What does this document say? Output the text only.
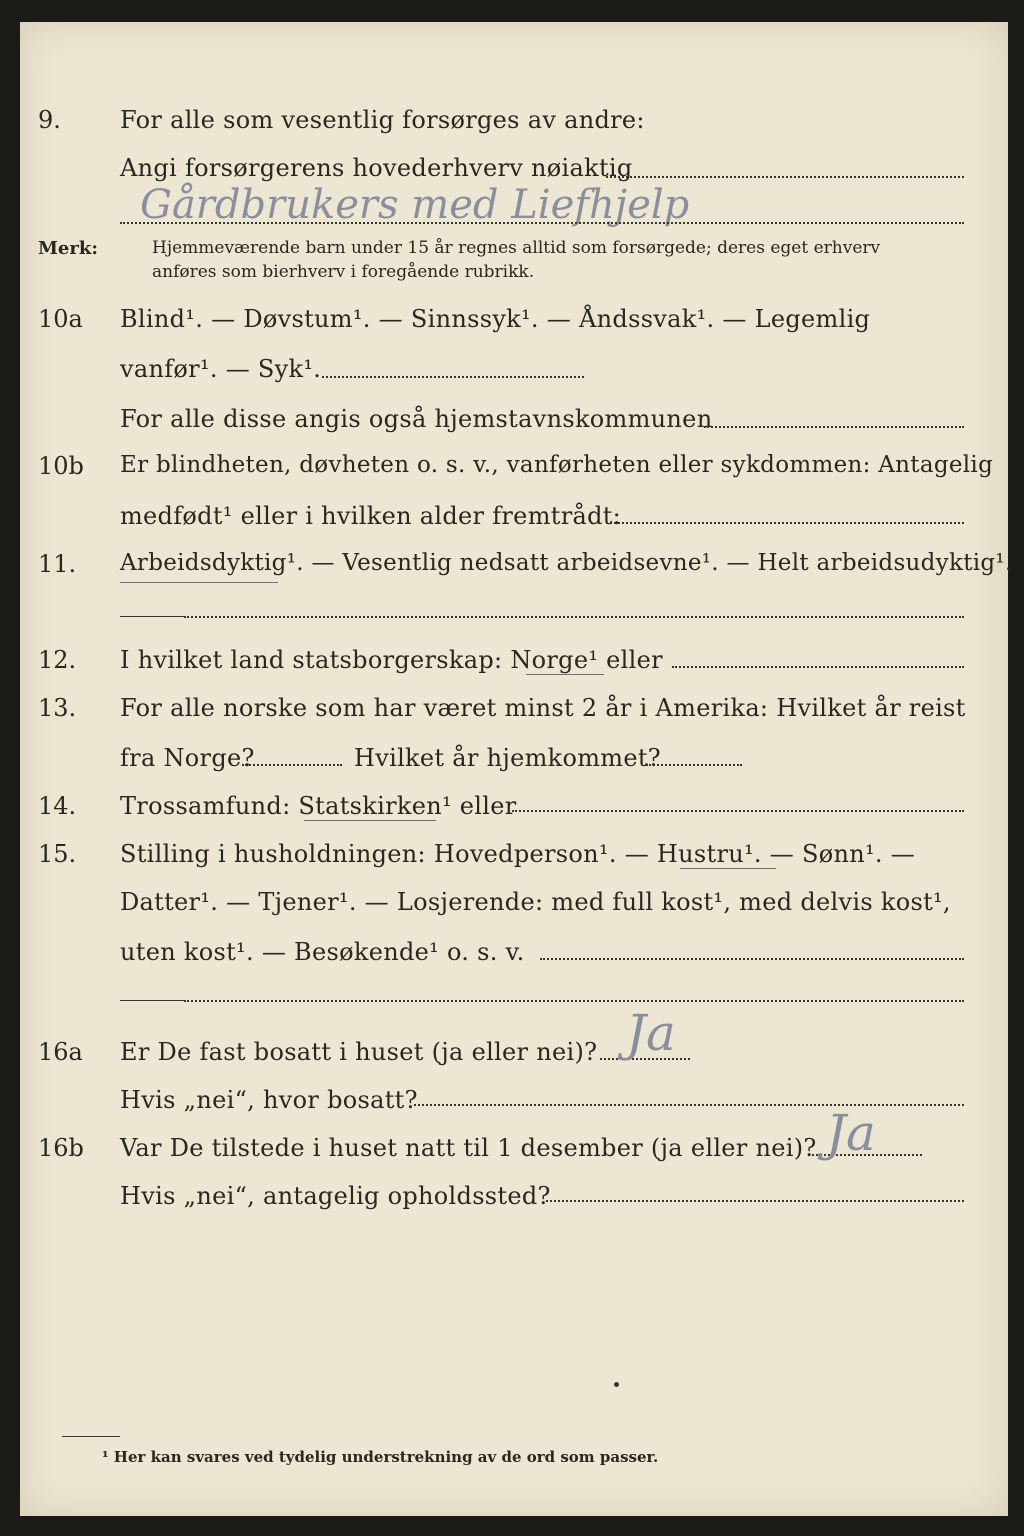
9. For alle som vesentlig forsørges av andre:
Angi forsørgerens hovederhverv nøiaktig
Gårdbrukers med Liefhjelp
Merk:	Hjemmeværende barn under 15 år regnes alltid som forsørgede; deres eget erhverv
anføres som bierhverv i foregående rubrikk.
10a Blind¹. — Døvstum¹. — Sinnssyk¹. — Åndssvak¹. — Legemlig
vanfør¹. — Syk¹.
For alle disse angis også hjemstavnskommunen
10b Er blindheten, døvheten o. s. v., vanførheten eller sykdommen: Antagelig
medfødt¹ eller i hvilken alder fremtrådt:
11. Arbeidsdyktig¹. — Vesentlig nedsatt arbeidsevne¹. — Helt arbeidsudyktig¹.
12. I hvilket land statsborgerskap: Norge¹ eller
13. For alle norske som har været minst 2 år i Amerika: Hvilket år reist
fra Norge?	Hvilket år hjemkommet?
14. Trossamfund: Statskirken¹ eller
15. Stilling i husholdningen: Hovedperson¹. — Hustru¹. — Sønn¹. —
Datter¹. — Tjener¹. — Losjerende: med full kost¹, med delvis kost¹,
uten kost¹. — Besøkende¹ o. s. v.
16a Er De fast bosatt i huset (ja eller nei)? Ja
Hvis „nei“, hvor bosatt?
16b Var De tilstede i huset natt til 1 desember (ja eller nei)? Ja
Hvis „nei“, antagelig opholdssted?
¹ Her kan svares ved tydelig understrekning av de ord som passer.
